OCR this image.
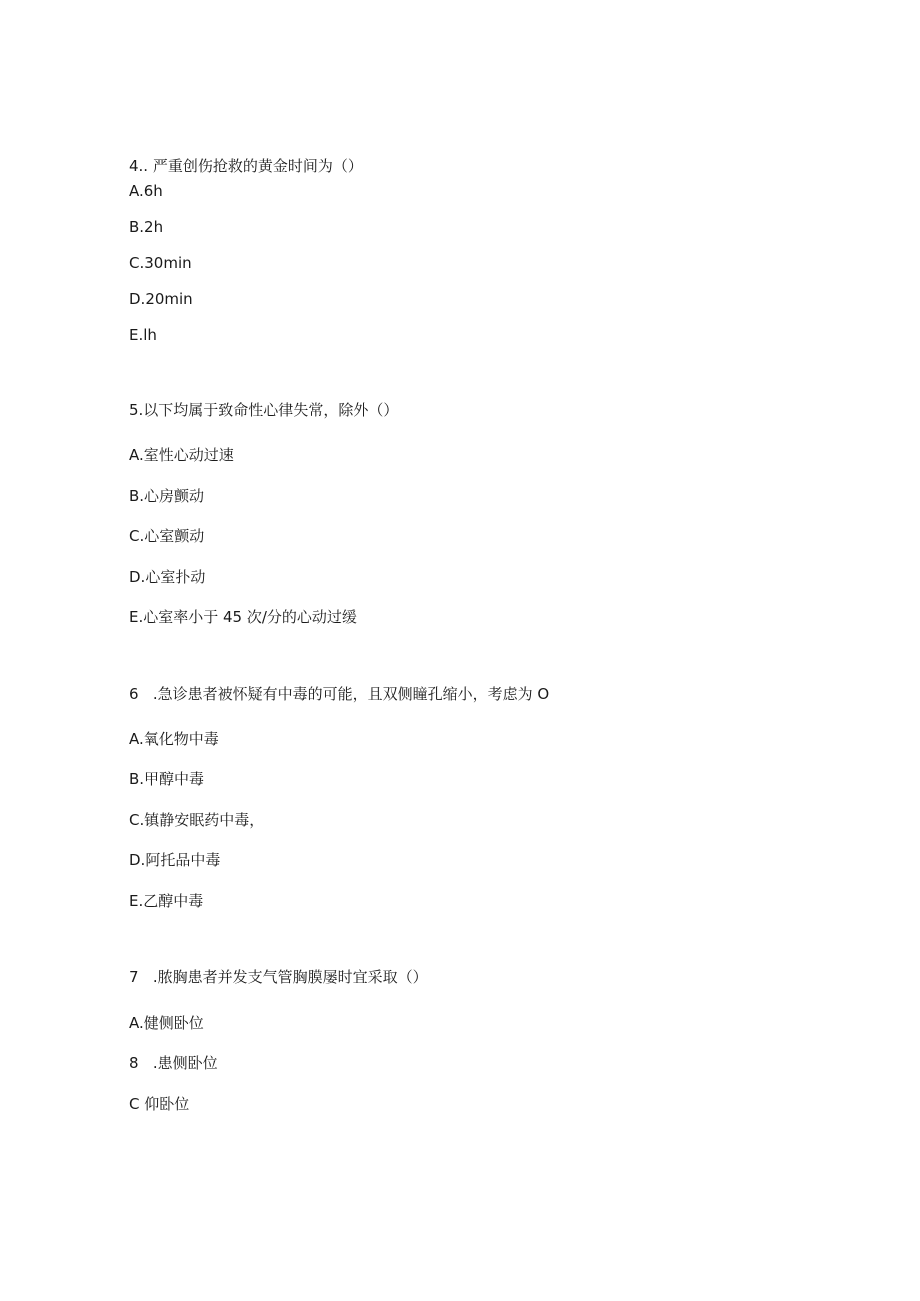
4.. 严重创伤抢救的黄金时间为（）

A.6h

B.2h

C.30min

D.20min

E.lh

5.以下均属于致命性心律失常，除外（）

A.室性心动过速

B.心房颤动

C.心室颤动

D.心室扑动

E.心室率小于 45 次/分的心动过缓

6   .急诊患者被怀疑有中毒的可能，且双侧瞳孔缩小，考虑为 O

A.氧化物中毒

B.甲醇中毒

C.镇静安眠药中毒，

D.阿托品中毒

E.乙醇中毒

7   .脓胸患者并发支气管胸膜屡时宜采取（）

A.健侧卧位

8   .患侧卧位

C 仰卧位
